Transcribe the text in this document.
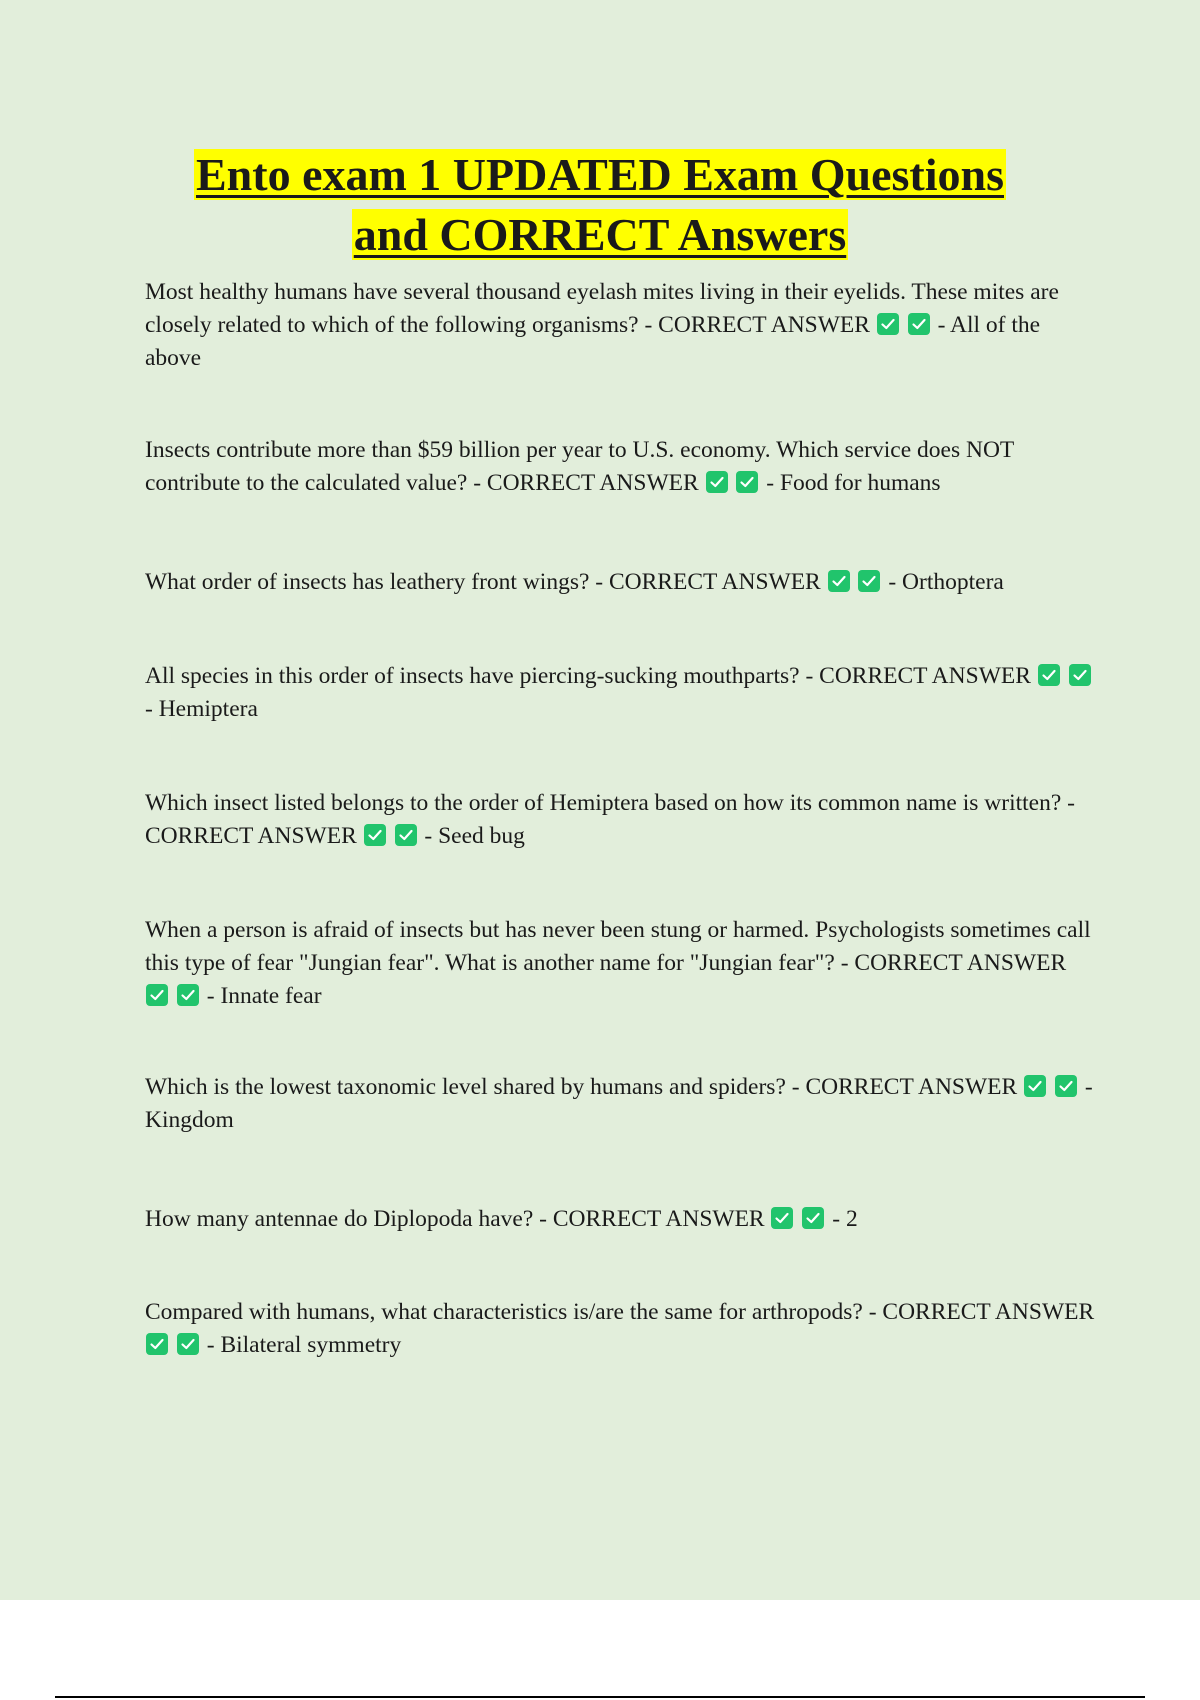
Ento exam 1 UPDATED Exam Questions
and CORRECT Answers

Most healthy humans have several thousand eyelash mites living in their eyelids. These mites are closely related to which of the following organisms? - CORRECT ANSWER
	- All of the above

Insects contribute more than $59 billion per year to U.S. economy. Which service does NOT contribute to the calculated value? - CORRECT ANSWER
	- Food for humans

What order of insects has leathery front wings? - CORRECT ANSWER
	- Orthoptera

All species in this order of insects have piercing-sucking mouthparts? - CORRECT ANSWER

- Hemiptera

Which insect listed belongs to the order of Hemiptera based on how its common name is written? - CORRECT ANSWER
	- Seed bug

When a person is afraid of insects but has never been stung or harmed. Psychologists sometimes call this type of fear "Jungian fear". What is another name for "Jungian fear"? - CORRECT ANSWER

- Innate fear

Which is the lowest taxonomic level shared by humans and spiders? - CORRECT ANSWER
	- Kingdom

How many antennae do Diplopoda have? - CORRECT ANSWER
	- 2

Compared with humans, what characteristics is/are the same for arthropods? - CORRECT ANSWER

- Bilateral symmetry
